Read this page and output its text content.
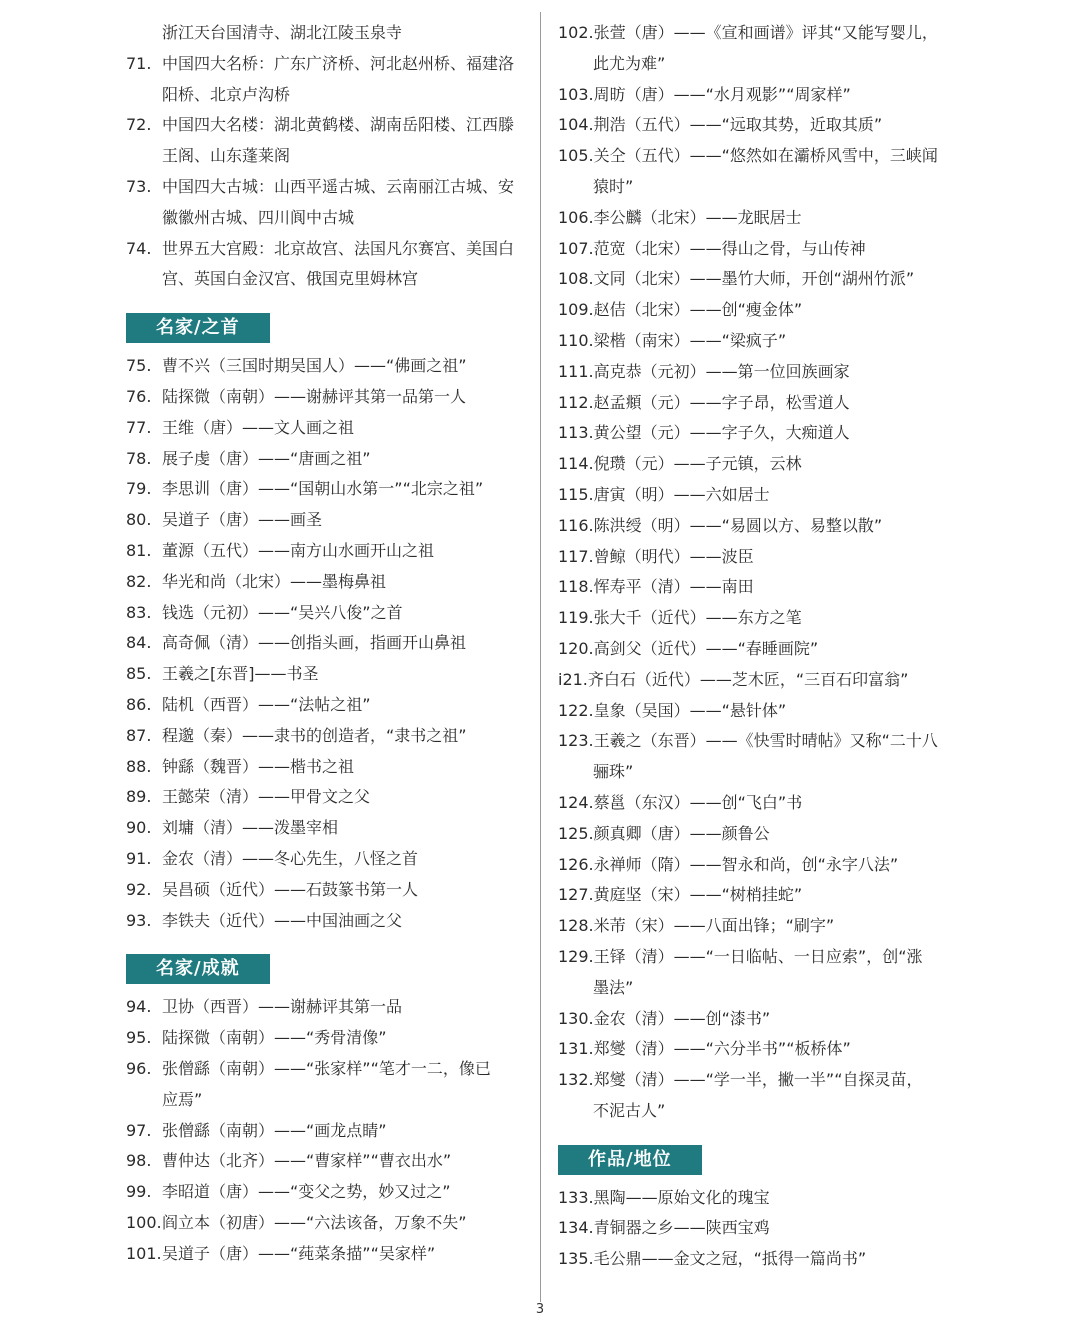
浙江天台国清寺、湖北江陵玉泉寺
71. 中国四大名桥：广东广济桥、河北赵州桥、福建洛
阳桥、北京卢沟桥
72. 中国四大名楼：湖北黄鹤楼、湖南岳阳楼、江西滕
王阁、山东蓬莱阁
73. 中国四大古城：山西平遥古城、云南丽江古城、安
徽徽州古城、四川阆中古城
74. 世界五大宫殿：北京故宫、法国凡尔赛宫、美国白
宫、英国白金汉宫、俄国克里姆林宫
名家/之首
75. 曹不兴（三国时期吴国人）——“佛画之祖”
76. 陆探微（南朝）——谢赫评其第一品第一人
77. 王维（唐）——文人画之祖
78. 展子虔（唐）——“唐画之祖”
79. 李思训（唐）——“国朝山水第一”“北宗之祖”
80. 吴道子（唐）——画圣
81. 董源（五代）——南方山水画开山之祖
82. 华光和尚（北宋）——墨梅鼻祖
83. 钱选（元初）——“吴兴八俊”之首
84. 高奇佩（清）——创指头画，指画开山鼻祖
85. 王羲之[东晋]——书圣
86. 陆机（西晋）——“法帖之祖”
87. 程邈（秦）——隶书的创造者，“隶书之祖”
88. 钟繇（魏晋）——楷书之祖
89. 王懿荣（清）——甲骨文之父
90. 刘墉（清）——泼墨宰相
91. 金农（清）——冬心先生，八怪之首
92. 吴昌硕（近代）——石鼓篆书第一人
93. 李铁夫（近代）——中国油画之父
名家/成就
94. 卫协（西晋）——谢赫评其第一品
95. 陆探微（南朝）——“秀骨清像”
96. 张僧繇（南朝）——“张家样”“笔才一二，像已
应焉”
97. 张僧繇（南朝）——“画龙点睛”
98. 曹仲达（北齐）——“曹家样”“曹衣出水”
99. 李昭道（唐）——“变父之势，妙又过之”
100.阎立本（初唐）——“六法该备，万象不失”
101.吴道子（唐）——“莼菜条描”“吴家样”
102.张萱（唐）——《宣和画谱》评其“又能写婴儿，
此尤为难”
103.周昉（唐）——“水月观影”“周家样”
104.荆浩（五代）——“远取其势，近取其质”
105.关仝（五代）——“悠然如在灞桥风雪中，三峡闻
猿时”
106.李公麟（北宋）——龙眠居士
107.范宽（北宋）——得山之骨，与山传神
108.文同（北宋）——墨竹大师，开创“湖州竹派”
109.赵佶（北宋）——创“瘦金体”
110.梁楷（南宋）——“梁疯子”
111.高克恭（元初）——第一位回族画家
112.赵孟頫（元）——字子昂，松雪道人
113.黄公望（元）——字子久，大痴道人
114.倪瓒（元）——子元镇，云林
115.唐寅（明）——六如居士
116.陈洪绶（明）——“易圆以方、易整以散”
117.曾鲸（明代）——波臣
118.恽寿平（清）——南田
119.张大千（近代）——东方之笔
120.高剑父（近代）——“春睡画院”
i21.齐白石（近代）——芝木匠，“三百石印富翁”
122.皇象（吴国）——“悬针体”
123.王羲之（东晋）——《快雪时晴帖》又称“二十八
骊珠”
124.蔡邕（东汉）——创“飞白”书
125.颜真卿（唐）——颜鲁公
126.永禅师（隋）——智永和尚，创“永字八法”
127.黄庭坚（宋）——“树梢挂蛇”
128.米芾（宋）——八面出锋；“刷字”
129.王铎（清）——“一日临帖、一日应索”，创“涨
墨法”
130.金农（清）——创“漆书”
131.郑燮（清）——“六分半书”“板桥体”
132.郑燮（清）——“学一半，撇一半”“自探灵苗，
不泥古人”
作品/地位
133.黑陶——原始文化的瑰宝
134.青铜器之乡——陕西宝鸡
135.毛公鼎——金文之冠，“抵得一篇尚书”
3
